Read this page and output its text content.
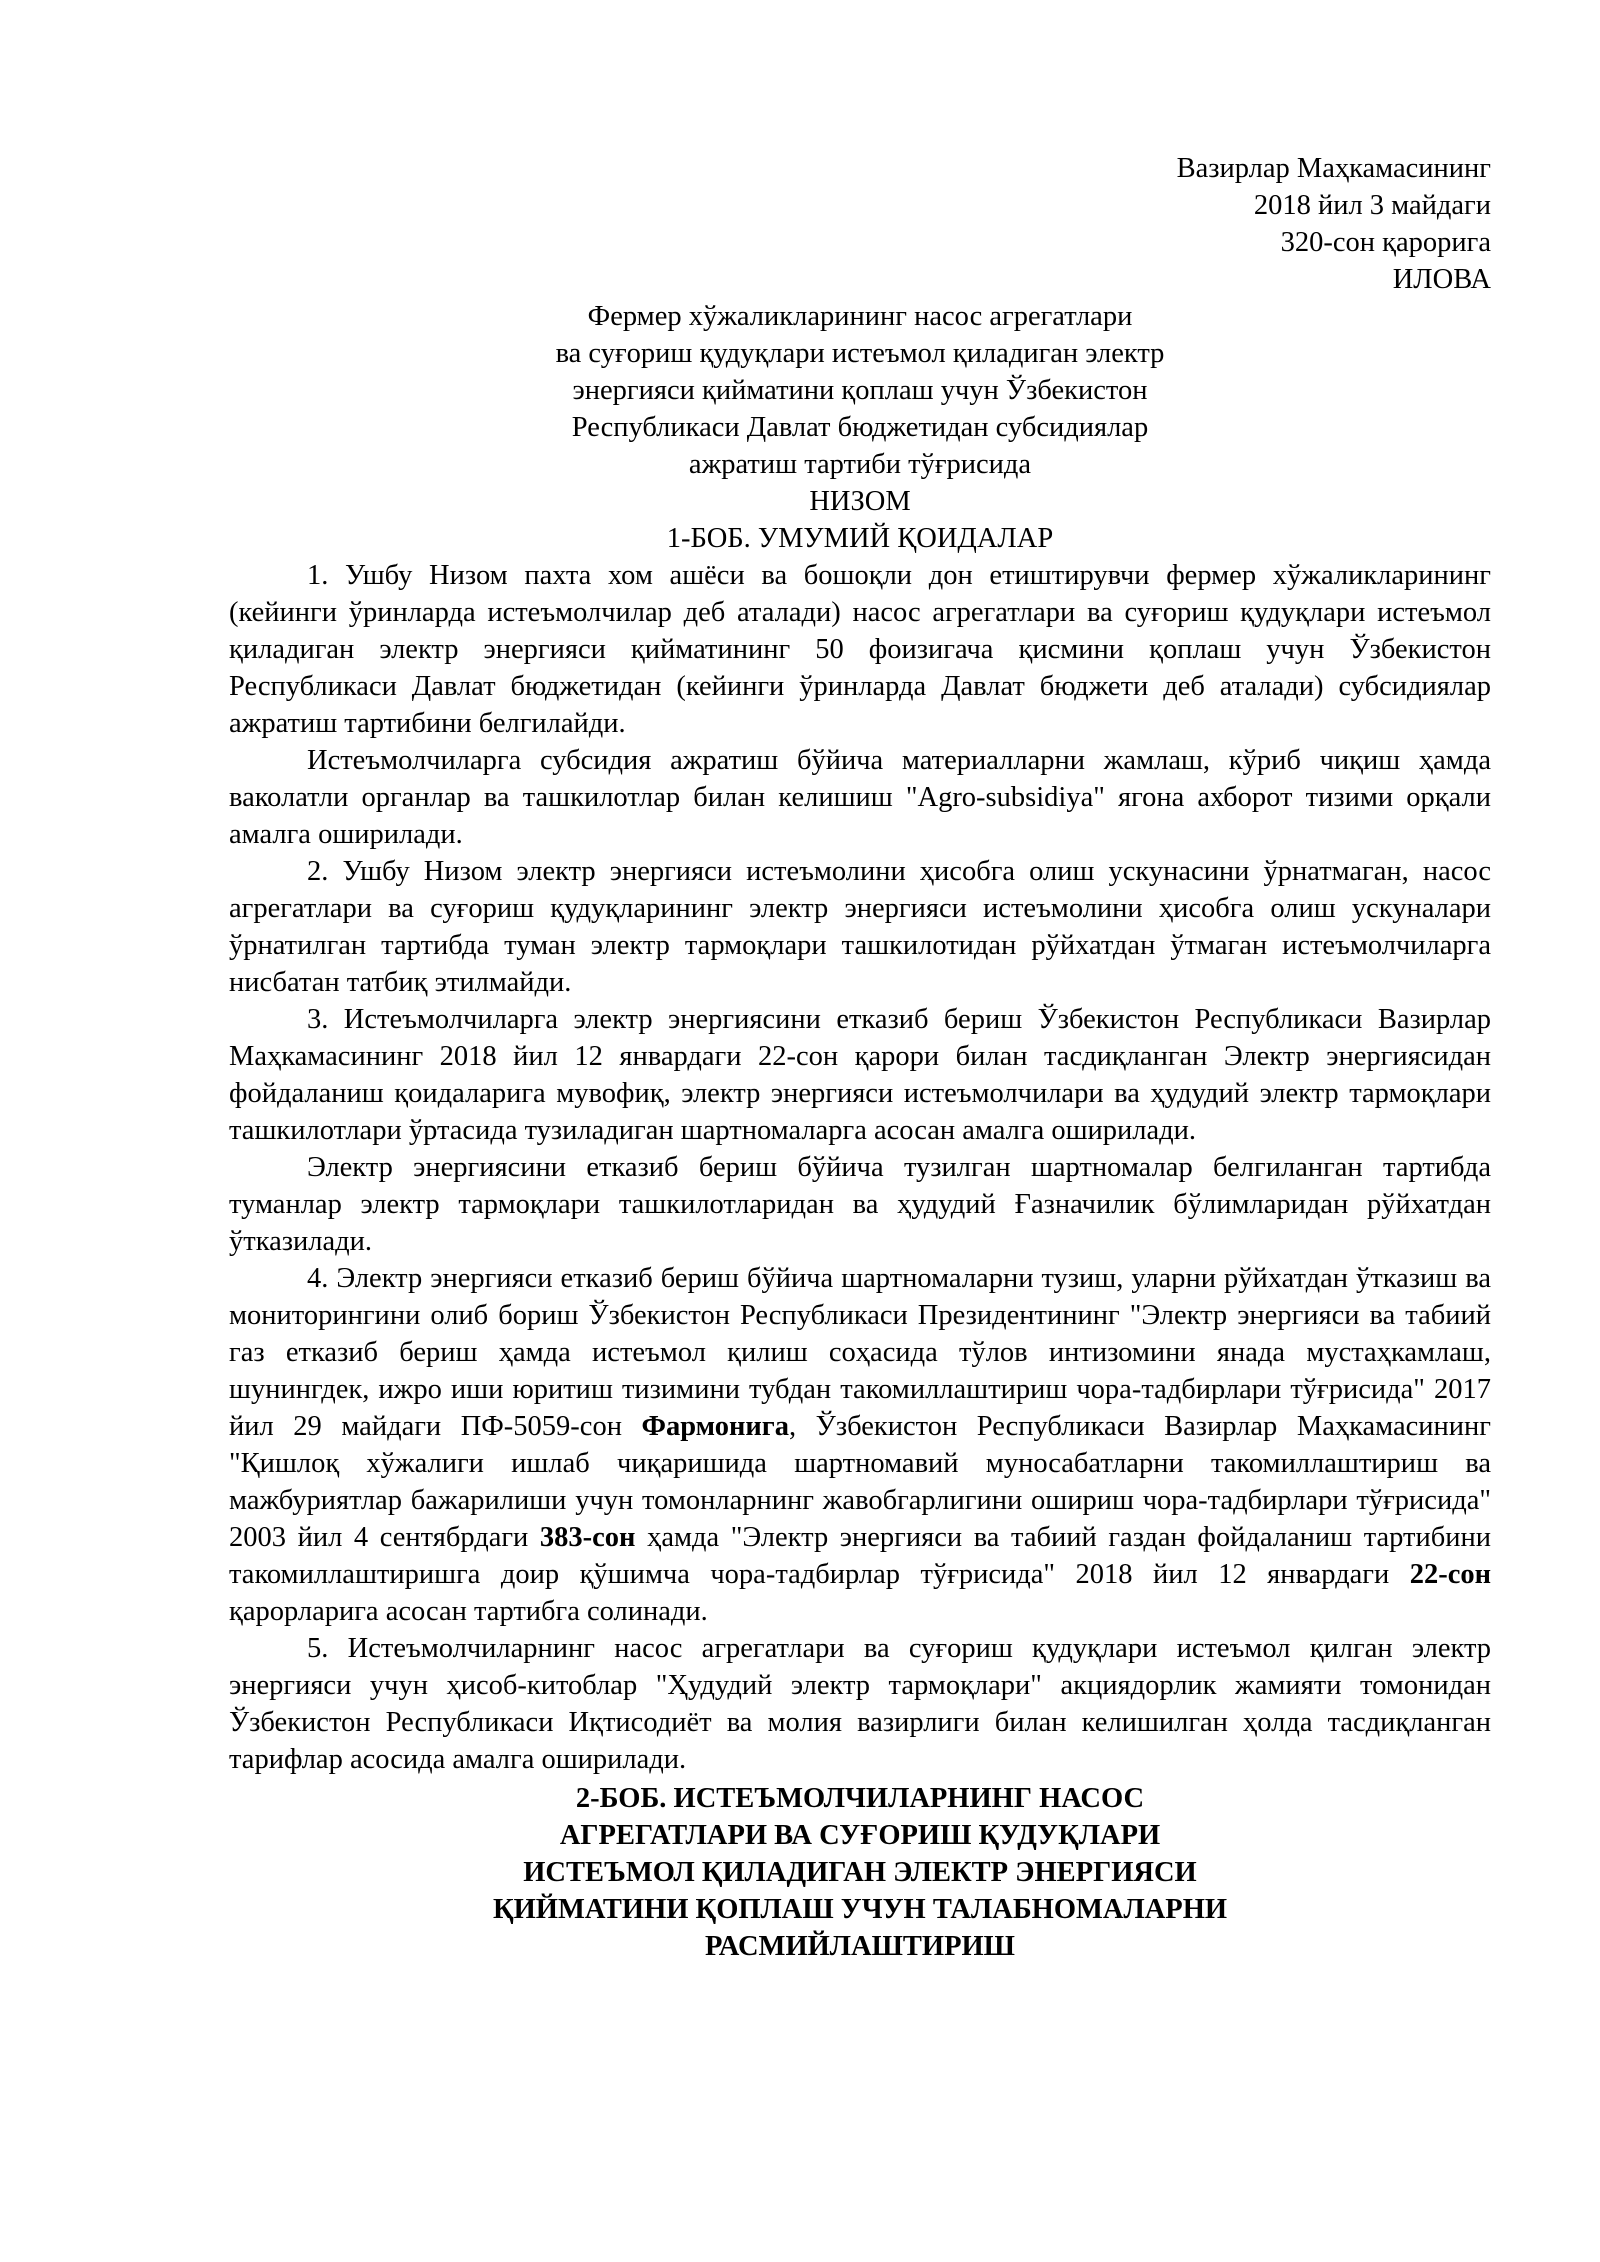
Вазирлар Маҳкамасининг
2018 йил 3 майдаги
320-сон қарорига
ИЛОВА
Фермер хўжаликларининг насос агрегатлари
ва суғориш қудуқлари истеъмол қиладиган электр
энергияси қийматини қоплаш учун Ўзбекистон
Республикаси Давлат бюджетидан субсидиялар
ажратиш тартиби тўғрисида
НИЗОМ
1-БОБ. УМУМИЙ ҚОИДАЛАР

1. Ушбу Низом пахта хом ашёси ва бошоқли дон етиштирувчи фермер хўжаликларининг (кейинги ўринларда истеъмолчилар деб аталади) насос агрегатлари ва суғориш қудуқлари истеъмол қиладиган электр энергияси қийматининг 50 фоизигача қисмини қоплаш учун Ўзбекистон Республикаси Давлат бюджетидан (кейинги ўринларда Давлат бюджети деб аталади) субсидиялар ажратиш тартибини белгилайди.

Истеъмолчиларга субсидия ажратиш бўйича материалларни жамлаш, кўриб чиқиш ҳамда ваколатли органлар ва ташкилотлар билан келишиш "Agro-subsidiya" ягона ахборот тизими орқали амалга оширилади.

2. Ушбу Низом электр энергияси истеъмолини ҳисобга олиш ускунасини ўрнатмаган, насос агрегатлари ва суғориш қудуқларининг электр энергияси истеъмолини ҳисобга олиш ускуналари ўрнатилган тартибда туман электр тармоқлари ташкилотидан рўйхатдан ўтмаган истеъмолчиларга нисбатан татбиқ этилмайди.

3. Истеъмолчиларга электр энергиясини етказиб бериш Ўзбекистон Республикаси Вазирлар Маҳкамасининг 2018 йил 12 январдаги 22-сон қарори билан тасдиқланган Электр энергиясидан фойдаланиш қоидаларига мувофиқ, электр энергияси истеъмолчилари ва ҳудудий электр тармоқлари ташкилотлари ўртасида тузиладиган шартномаларга асосан амалга оширилади.

Электр энергиясини етказиб бериш бўйича тузилган шартномалар белгиланган тартибда туманлар электр тармоқлари ташкилотларидан ва ҳудудий Ғазначилик бўлимларидан рўйхатдан ўтказилади.

4. Электр энергияси етказиб бериш бўйича шартномаларни тузиш, уларни рўйхатдан ўтказиш ва мониторингини олиб бориш Ўзбекистон Республикаси Президентининг "Электр энергияси ва табиий газ етказиб бериш ҳамда истеъмол қилиш соҳасида тўлов интизомини янада мустаҳкамлаш, шунингдек, ижро иши юритиш тизимини тубдан такомиллаштириш чора-тадбирлари тўғрисида" 2017 йил 29 майдаги ПФ-5059-сон Фармонига, Ўзбекистон Республикаси Вазирлар Маҳкамасининг "Қишлоқ хўжалиги ишлаб чиқаришида шартномавий муносабатларни такомиллаштириш ва мажбуриятлар бажарилиши учун томонларнинг жавобгарлигини ошириш чора-тадбирлари тўғрисида" 2003 йил 4 сентябрдаги 383-сон ҳамда "Электр энергияси ва табиий газдан фойдаланиш тартибини такомиллаштиришга доир қўшимча чора-тадбирлар тўғрисида" 2018 йил 12 январдаги 22-сон қарорларига асосан тартибга солинади.

5. Истеъмолчиларнинг насос агрегатлари ва суғориш қудуқлари истеъмол қилган электр энергияси учун ҳисоб-китоблар "Ҳудудий электр тармоқлари" акциядорлик жамияти томонидан Ўзбекистон Республикаси Иқтисодиёт ва молия вазирлиги билан келишилган ҳолда тасдиқланган тарифлар асосида амалга оширилади.

2-БОБ. ИСТЕЪМОЛЧИЛАРНИНГ НАСОС
АГРЕГАТЛАРИ ВА СУҒОРИШ ҚУДУҚЛАРИ
ИСТЕЪМОЛ ҚИЛАДИГАН ЭЛЕКТР ЭНЕРГИЯСИ
ҚИЙМАТИНИ ҚОПЛАШ УЧУН ТАЛАБНОМАЛАРНИ
РАСМИЙЛАШТИРИШ
